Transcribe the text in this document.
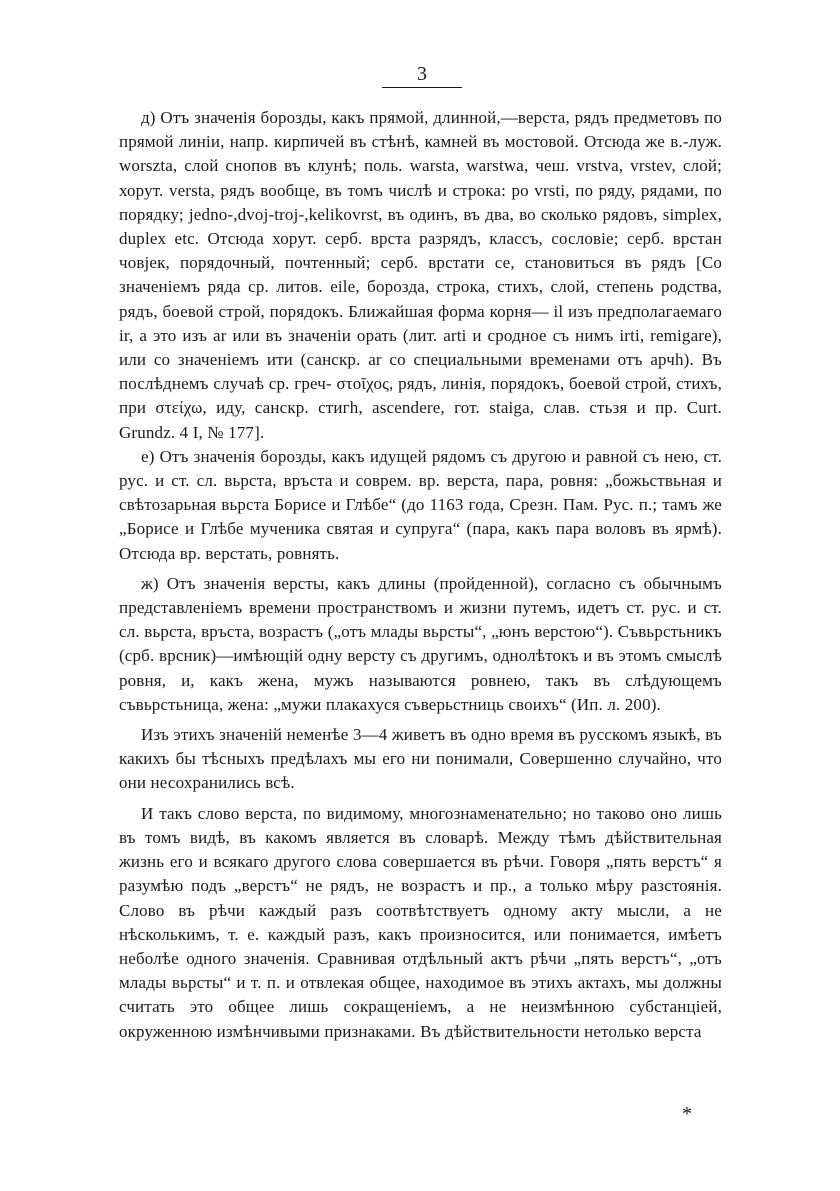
3

д) Отъ значенія борозды, какъ прямой, длинной,—верста, рядъ предметовъ по прямой линіи, напр. кирпичей въ стѣнѣ, камней въ мостовой. Отсюда же в.-луж. worszta, слой снопов въ клунѣ; поль. warsta, warstwa, чеш. vrstva, vrstev, слой; хорут. versta, рядъ вообще, въ томъ числѣ и строка: po vrsti, по ряду, рядами, по порядку; jedno-,dvoj-troj-,kelikovrst, въ одинъ, въ два, во сколько рядовъ, simplex, duplex etc. Отсюда хорут. серб. врста разрядъ, классъ, сословіе; серб. врстан човјек, порядочный, почтенный; серб. врстати се, становиться въ рядъ [Со значеніемъ ряда ср. литов. eile, борозда, строка, стихъ, слой, степень родства, рядъ, боевой строй, порядокъ. Ближайшая форма корня— il изъ предполагаемаго ir, а это изъ ar или въ значеніи орать (лит. arti и сродное съ нимъ irti, remigare), или со значеніемъ ити (санскр. ar со специальными временами отъ арчһ). Въ послѣднемъ случаѣ ср. греч- στοῖχος, рядъ, линія, порядокъ, боевой строй, стихъ, при στείχω, иду, санскр. стигһ, ascendere, гот. staiga, слав. стьзя и пр. Curt. Grundz. 4 I, № 177].

е) Отъ значенія борозды, какъ идущей рядомъ съ другою и равной съ нею, ст. рус. и ст. сл. вьрста, връста и соврем. вр. верста, пара, ровня: „божьствьная и свѣтозарьная вьрста Борисе и Глѣбе“ (до 1163 года, Срезн. Пам. Рус. п.; тамъ же „Борисе и Глѣбе мученика святая и супруга“ (пара, какъ пара воловъ въ ярмѣ). Отсюда вр. верстать, ровнять.

ж) Отъ значенія версты, какъ длины (пройденной), согласно съ обычнымъ представленіемъ времени пространствомъ и жизни путемъ, идетъ ст. рус. и ст. сл. вьрста, връста, возрастъ („отъ млады вьрсты“, „юнъ верстою“). Съвьрстьникъ (срб. врсник)—имѣющій одну версту съ другимъ, однолѣтокъ и въ этомъ смыслѣ ровня, и, какъ жена, мужъ называются ровнею, такъ въ слѣдующемъ съвьрстьница, жена: „мужи плакахуся съверьстниць своихъ“ (Ип. л. 200).

Изъ этихъ значеній неменѣе 3—4 живетъ въ одно время въ русскомъ языкѣ, въ какихъ бы тѣсныхъ предѣлахъ мы его ни понимали, Совершенно случайно, что они несохранились всѣ.

И такъ слово верста, по видимому, многознаменательно; но таково оно лишь въ томъ видѣ, въ какомъ является въ словарѣ. Между тѣмъ дѣйствительная жизнь его и всякаго другого слова совершается въ рѣчи. Говоря „пять верстъ“ я разумѣю подъ „верстъ“ не рядъ, не возрастъ и пр., а только мѣру разстоянія. Слово въ рѣчи каждый разъ соотвѣтствуетъ одному акту мысли, а не нѣсколькимъ, т. е. каждый разъ, какъ произносится, или понимается, имѣетъ неболѣе одного значенія. Сравнивая отдѣльный актъ рѣчи „пять верстъ“, „отъ млады вьрсты“ и т. п. и отвлекая общее, находимое въ этихъ актахъ, мы должны считать это общее лишь сокращеніемъ, а не неизмѣнною субстанціей, окруженною измѣнчивыми признаками. Въ дѣйствительности нетолько верста

*
